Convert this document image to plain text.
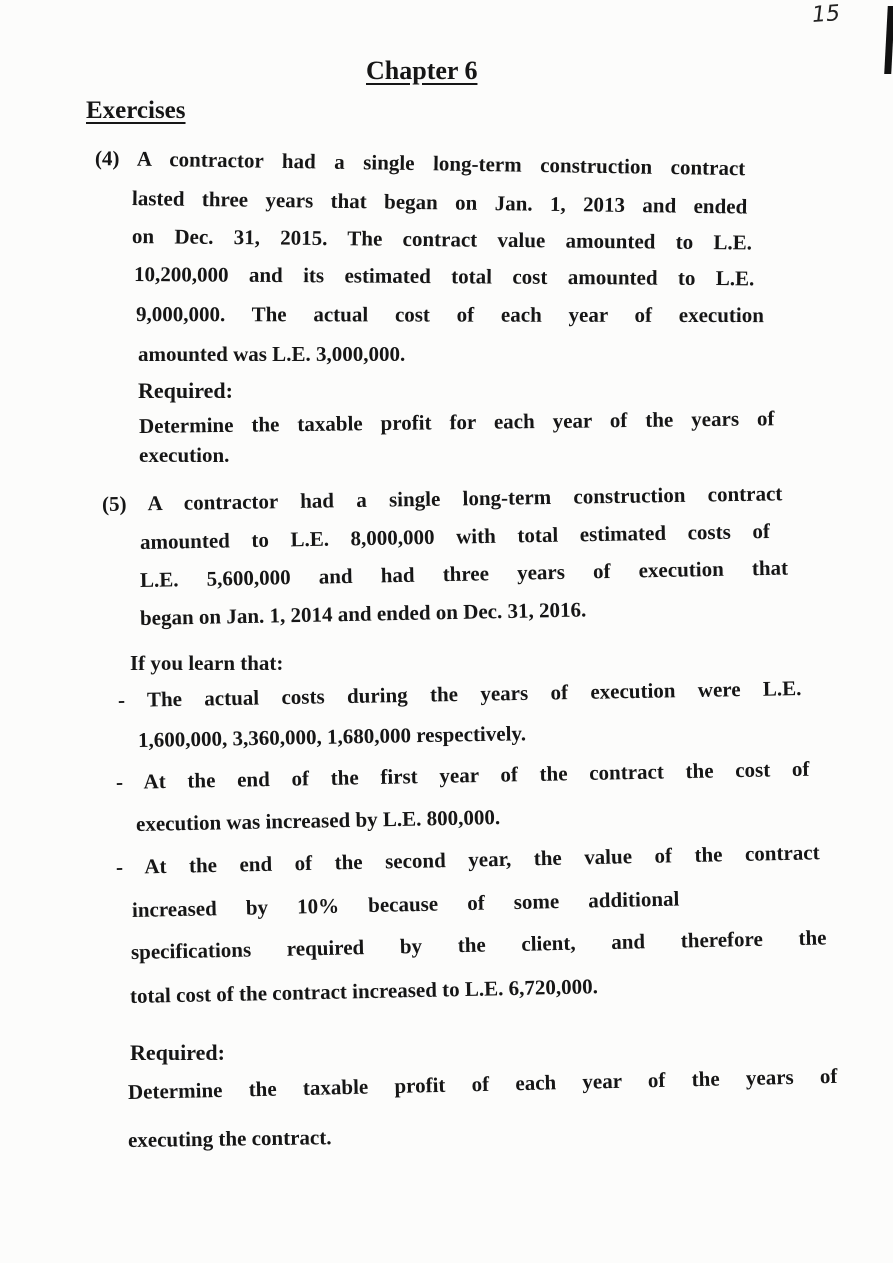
15
Chapter 6
Exercises
(4) A contractor had a single long-term construction contract
lasted three years that began on Jan. 1, 2013 and ended
on Dec. 31, 2015. The contract value amounted to L.E.
10,200,000 and its estimated total cost amounted to L.E.
9,000,000. The actual cost of each year of execution
amounted was L.E. 3,000,000.
Required:
Determine the taxable profit for each year of the years of
execution.
(5) A contractor had a single long-term construction contract
amounted to L.E. 8,000,000 with total estimated costs of
L.E. 5,600,000 and had three years of execution that
began on Jan. 1, 2014 and ended on Dec. 31, 2016.
If you learn that:
- The actual costs during the years of execution were L.E.
1,600,000, 3,360,000, 1,680,000 respectively.
- At the end of the first year of the contract the cost of
execution was increased by L.E. 800,000.
- At the end of the second year, the value of the contract
increased by 10% because of some additional
specifications required by the client, and therefore the
total cost of the contract increased to L.E. 6,720,000.
Required:
Determine the taxable profit of each year of the years of
executing the contract.
